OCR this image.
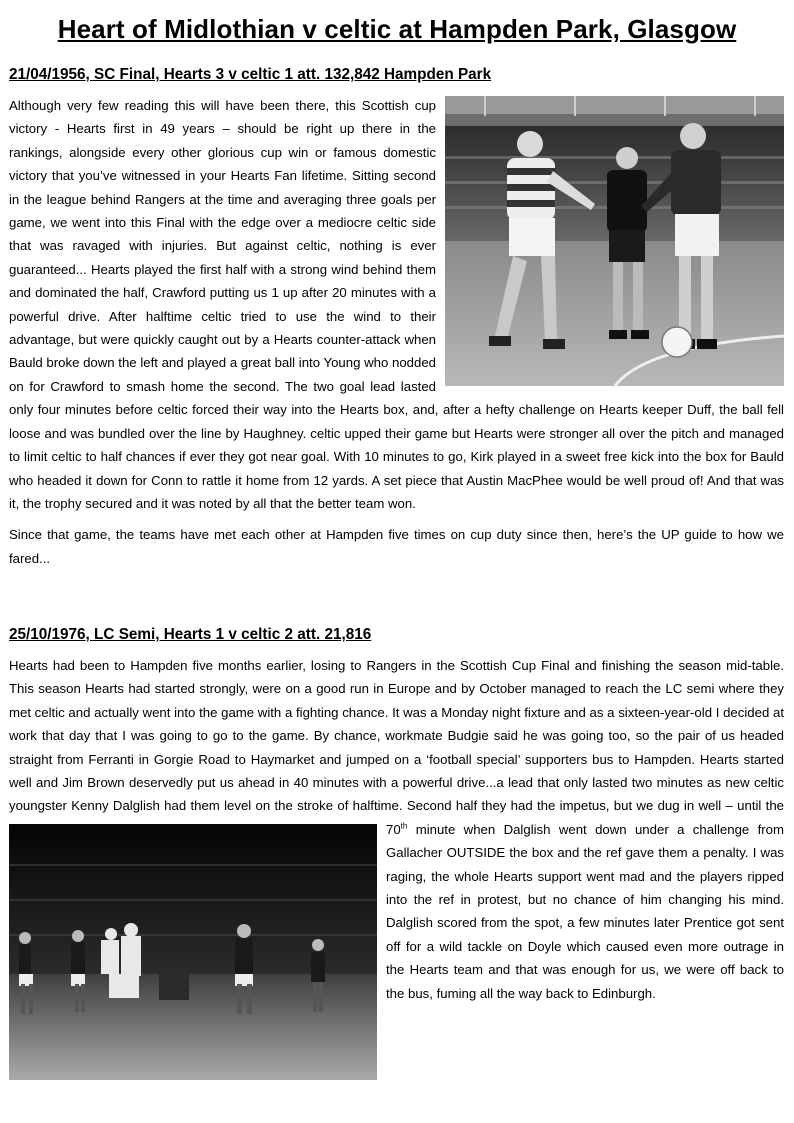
Heart of Midlothian v celtic at Hampden Park, Glasgow
21/04/1956, SC Final, Hearts 3 v celtic 1 att. 132,842 Hampden Park

Although very few reading this will have been there, this Scottish cup victory - Hearts first in 49 years – should be right up there in the rankings, alongside every other glorious cup win or famous domestic victory that you’ve witnessed in your Hearts Fan lifetime. Sitting second in the league behind Rangers at the time and averaging three goals per game, we went into this Final with the edge over a mediocre celtic side that was ravaged with injuries. But against celtic, nothing is ever guaranteed... Hearts played the first half with a strong wind behind them and dominated the half, Crawford putting us 1 up after 20 minutes with a powerful drive. After halftime celtic tried to use the wind to their advantage, but were quickly caught out by a Hearts counter-attack when Bauld broke down the left and played a great ball into Young who nodded on for Crawford to smash home the second. The two goal lead lasted only four minutes before celtic forced their way into the Hearts box, and, after a hefty challenge on Hearts keeper Duff, the ball fell loose and was bundled over the line by Haughney. celtic upped their game but Hearts were stronger all over the pitch and managed to limit celtic to half chances if ever they got near goal. With 10 minutes to go, Kirk played in a sweet free kick into the box for Bauld who headed it down for Conn to rattle it home from 12 yards. A set piece that Austin MacPhee would be well proud of! And that was it, the trophy secured and it was noted by all that the better team won.

Since that game, the teams have met each other at Hampden five times on cup duty since then, here’s the UP guide to how we fared...

25/10/1976, LC Semi, Hearts 1 v celtic 2 att. 21,816

Hearts had been to Hampden five months earlier, losing to Rangers in the Scottish Cup Final and finishing the season mid-table. This season Hearts had started strongly, were on a good run in Europe and by October managed to reach the LC semi where they met celtic and actually went into the game with a fighting chance. It was a Monday night fixture and as a sixteen-year-old I decided at work that day that I was going to go to the game. By chance, workmate Budgie said he was going too, so the pair of us headed straight from Ferranti in Gorgie Road to Haymarket and jumped on a ‘football special’ supporters bus to Hampden. Hearts started well and Jim Brown deservedly put us ahead in 40 minutes with a powerful drive...a lead that only lasted two minutes as new celtic youngster Kenny Dalglish had them level on the stroke of halftime. Second half they had the impetus, but we dug in well – until the 70th minute when Dalglish went down under a challenge from Gallacher OUTSIDE the box and the ref gave them a penalty. I was raging, the whole Hearts support went mad and the players ripped into the ref in protest, but no chance of him changing his mind. Dalglish scored from the spot, a few minutes later Prentice got sent off for a wild tackle on Doyle which caused even more outrage in the Hearts team and that was enough for us, we were off back to the bus, fuming all the way back to Edinburgh.
